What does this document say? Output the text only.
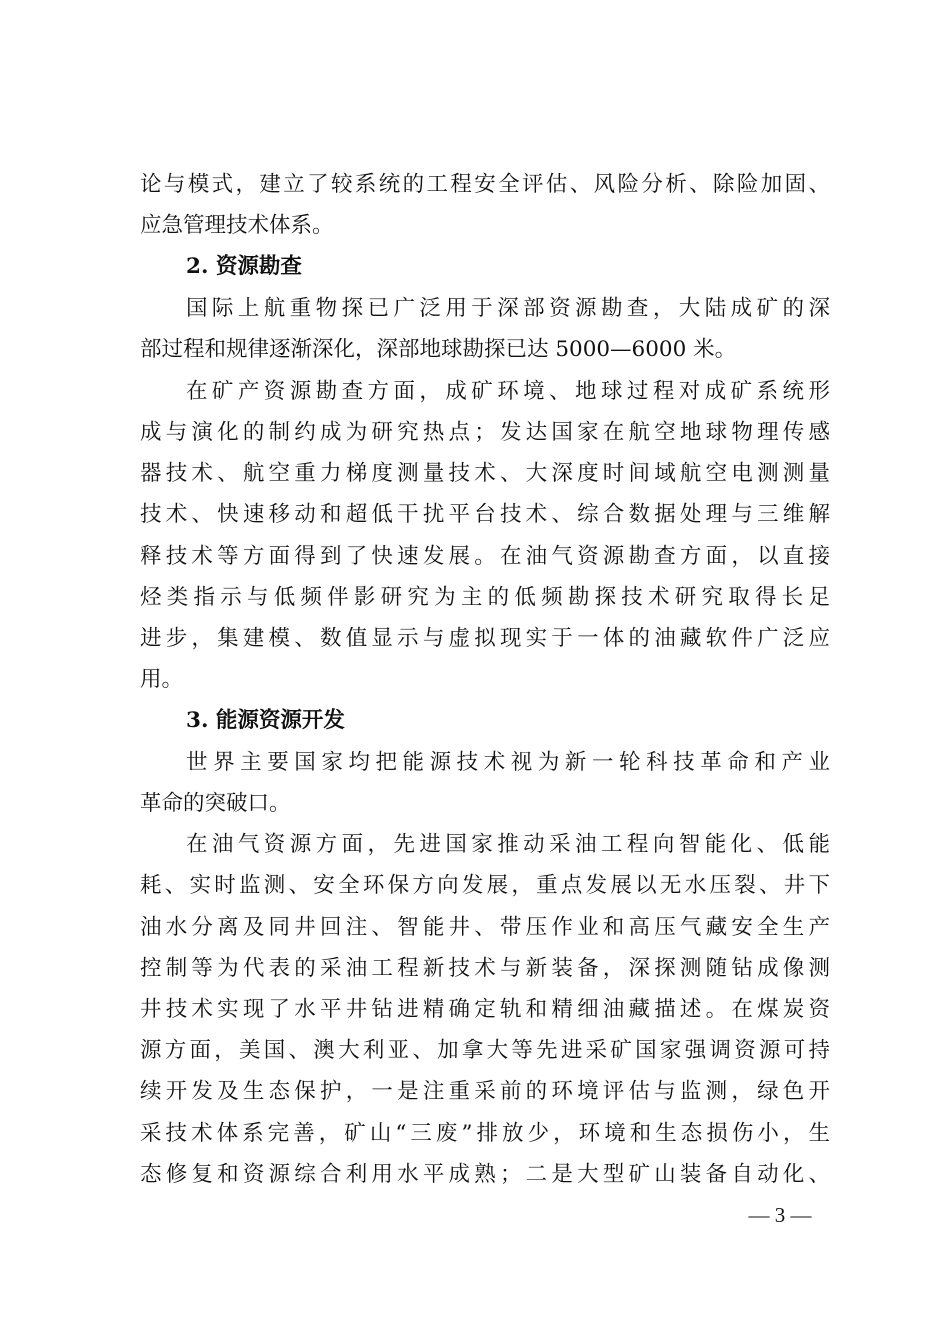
论与模式，建立了较系统的工程安全评估、风险分析、除险加固、
应急管理技术体系。
2. 资源勘查
国际上航重物探已广泛用于深部资源勘查，大陆成矿的深
部过程和规律逐渐深化，深部地球勘探已达 5000—6000 米。
在矿产资源勘查方面，成矿环境、地球过程对成矿系统形
成与演化的制约成为研究热点；发达国家在航空地球物理传感
器技术、航空重力梯度测量技术、大深度时间域航空电测测量
技术、快速移动和超低干扰平台技术、综合数据处理与三维解
释技术等方面得到了快速发展。在油气资源勘查方面，以直接
烃类指示与低频伴影研究为主的低频勘探技术研究取得长足
进步，集建模、数值显示与虚拟现实于一体的油藏软件广泛应
用。
3. 能源资源开发
世界主要国家均把能源技术视为新一轮科技革命和产业
革命的突破口。
在油气资源方面，先进国家推动采油工程向智能化、低能
耗、实时监测、安全环保方向发展，重点发展以无水压裂、井下
油水分离及同井回注、智能井、带压作业和高压气藏安全生产
控制等为代表的采油工程新技术与新装备，深探测随钻成像测
井技术实现了水平井钻进精确定轨和精细油藏描述。在煤炭资
源方面，美国、澳大利亚、加拿大等先进采矿国家强调资源可持
续开发及生态保护，一是注重采前的环境评估与监测，绿色开
采技术体系完善，矿山“三废”排放少，环境和生态损伤小，生
态修复和资源综合利用水平成熟；二是大型矿山装备自动化、
— 3 —
